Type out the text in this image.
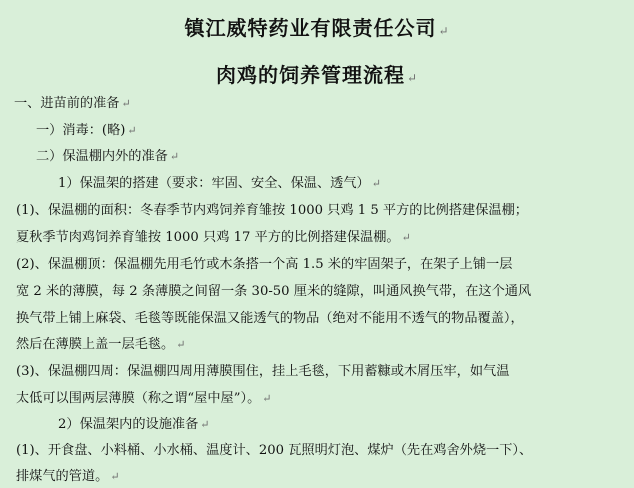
镇江威特药业有限责任公司 ↵
肉鸡的饲养管理流程 ↵
一、进苗前的准备 ↵
一）消毒：(略) ↵
二）保温棚内外的准备 ↵
1）保温架的搭建（要求：牢固、安全、保温、透气） ↵
(1)、保温棚的面积：冬春季节内鸡饲养育雏按 1000 只鸡 1 5 平方的比例搭建保温棚；
夏秋季节肉鸡饲养育雏按 1000 只鸡 17 平方的比例搭建保温棚。 ↵
(2)、保温棚顶：保温棚先用毛竹或木条搭一个高 1.5 米的牢固架子，在架子上铺一层
宽 2 米的薄膜，每 2 条薄膜之间留一条 30-50 厘米的缝隙，叫通风换气带，在这个通风
换气带上铺上麻袋、毛毯等既能保温又能透气的物品（绝对不能用不透气的物品覆盖），
然后在薄膜上盖一层毛毯。 ↵
(3)、保温棚四周：保温棚四周用薄膜围住，挂上毛毯，下用蓄糠或木屑压牢，如气温
太低可以围两层薄膜（称之谓“屋中屋”）。 ↵
2）保温架内的设施准备 ↵
(1)、开食盘、小料桶、小水桶、温度计、200 瓦照明灯泡、煤炉（先在鸡舍外烧一下）、
排煤气的管道。 ↵
